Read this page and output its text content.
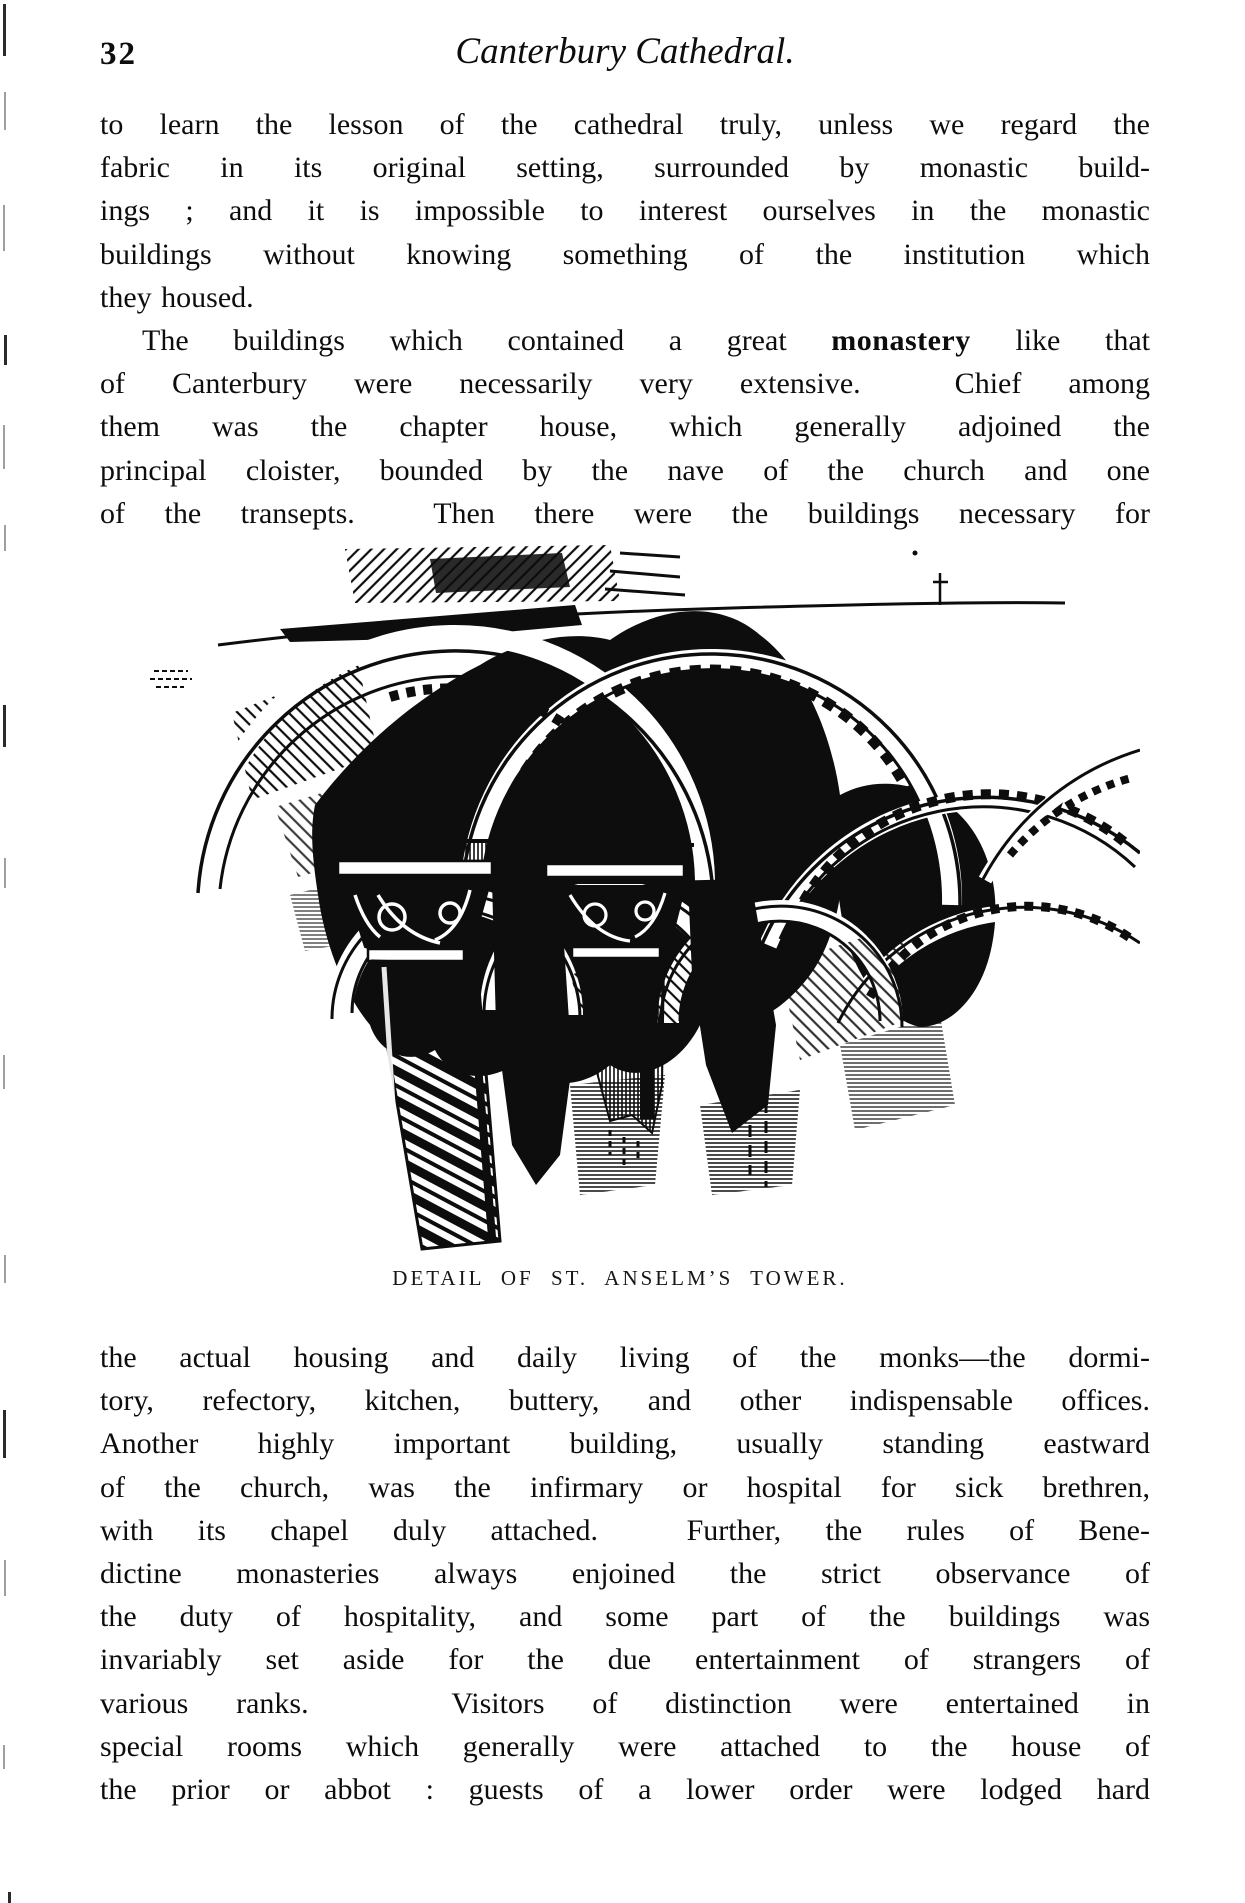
32	Canterbury Cathedral.
to learn the lesson of the cathedral truly, unless we regard the
fabric in its original setting, surrounded by monastic build-
ings ; and it is impossible to interest ourselves in the monastic
buildings without knowing something of the institution which
they housed.
The buildings which contained a great monastery like that
of Canterbury were necessarily very extensive.  Chief among
them was the chapter house, which generally adjoined the
principal cloister, bounded by the nave of the church and one
of the transepts.  Then there were the buildings necessary for
W.D.
DETAIL OF ST. ANSELM’S TOWER.
the actual housing and daily living of the monks—the dormi-
tory, refectory, kitchen, buttery, and other indispensable offices.
Another highly important building, usually standing eastward
of the church, was the infirmary or hospital for sick brethren,
with its chapel duly attached.  Further, the rules of Bene-
dictine monasteries always enjoined the strict observance of
the duty of hospitality, and some part of the buildings was
invariably set aside for the due entertainment of strangers of
various ranks.   Visitors of distinction were entertained in
special rooms which generally were attached to the house of
the prior or abbot : guests of a lower order were lodged hard
